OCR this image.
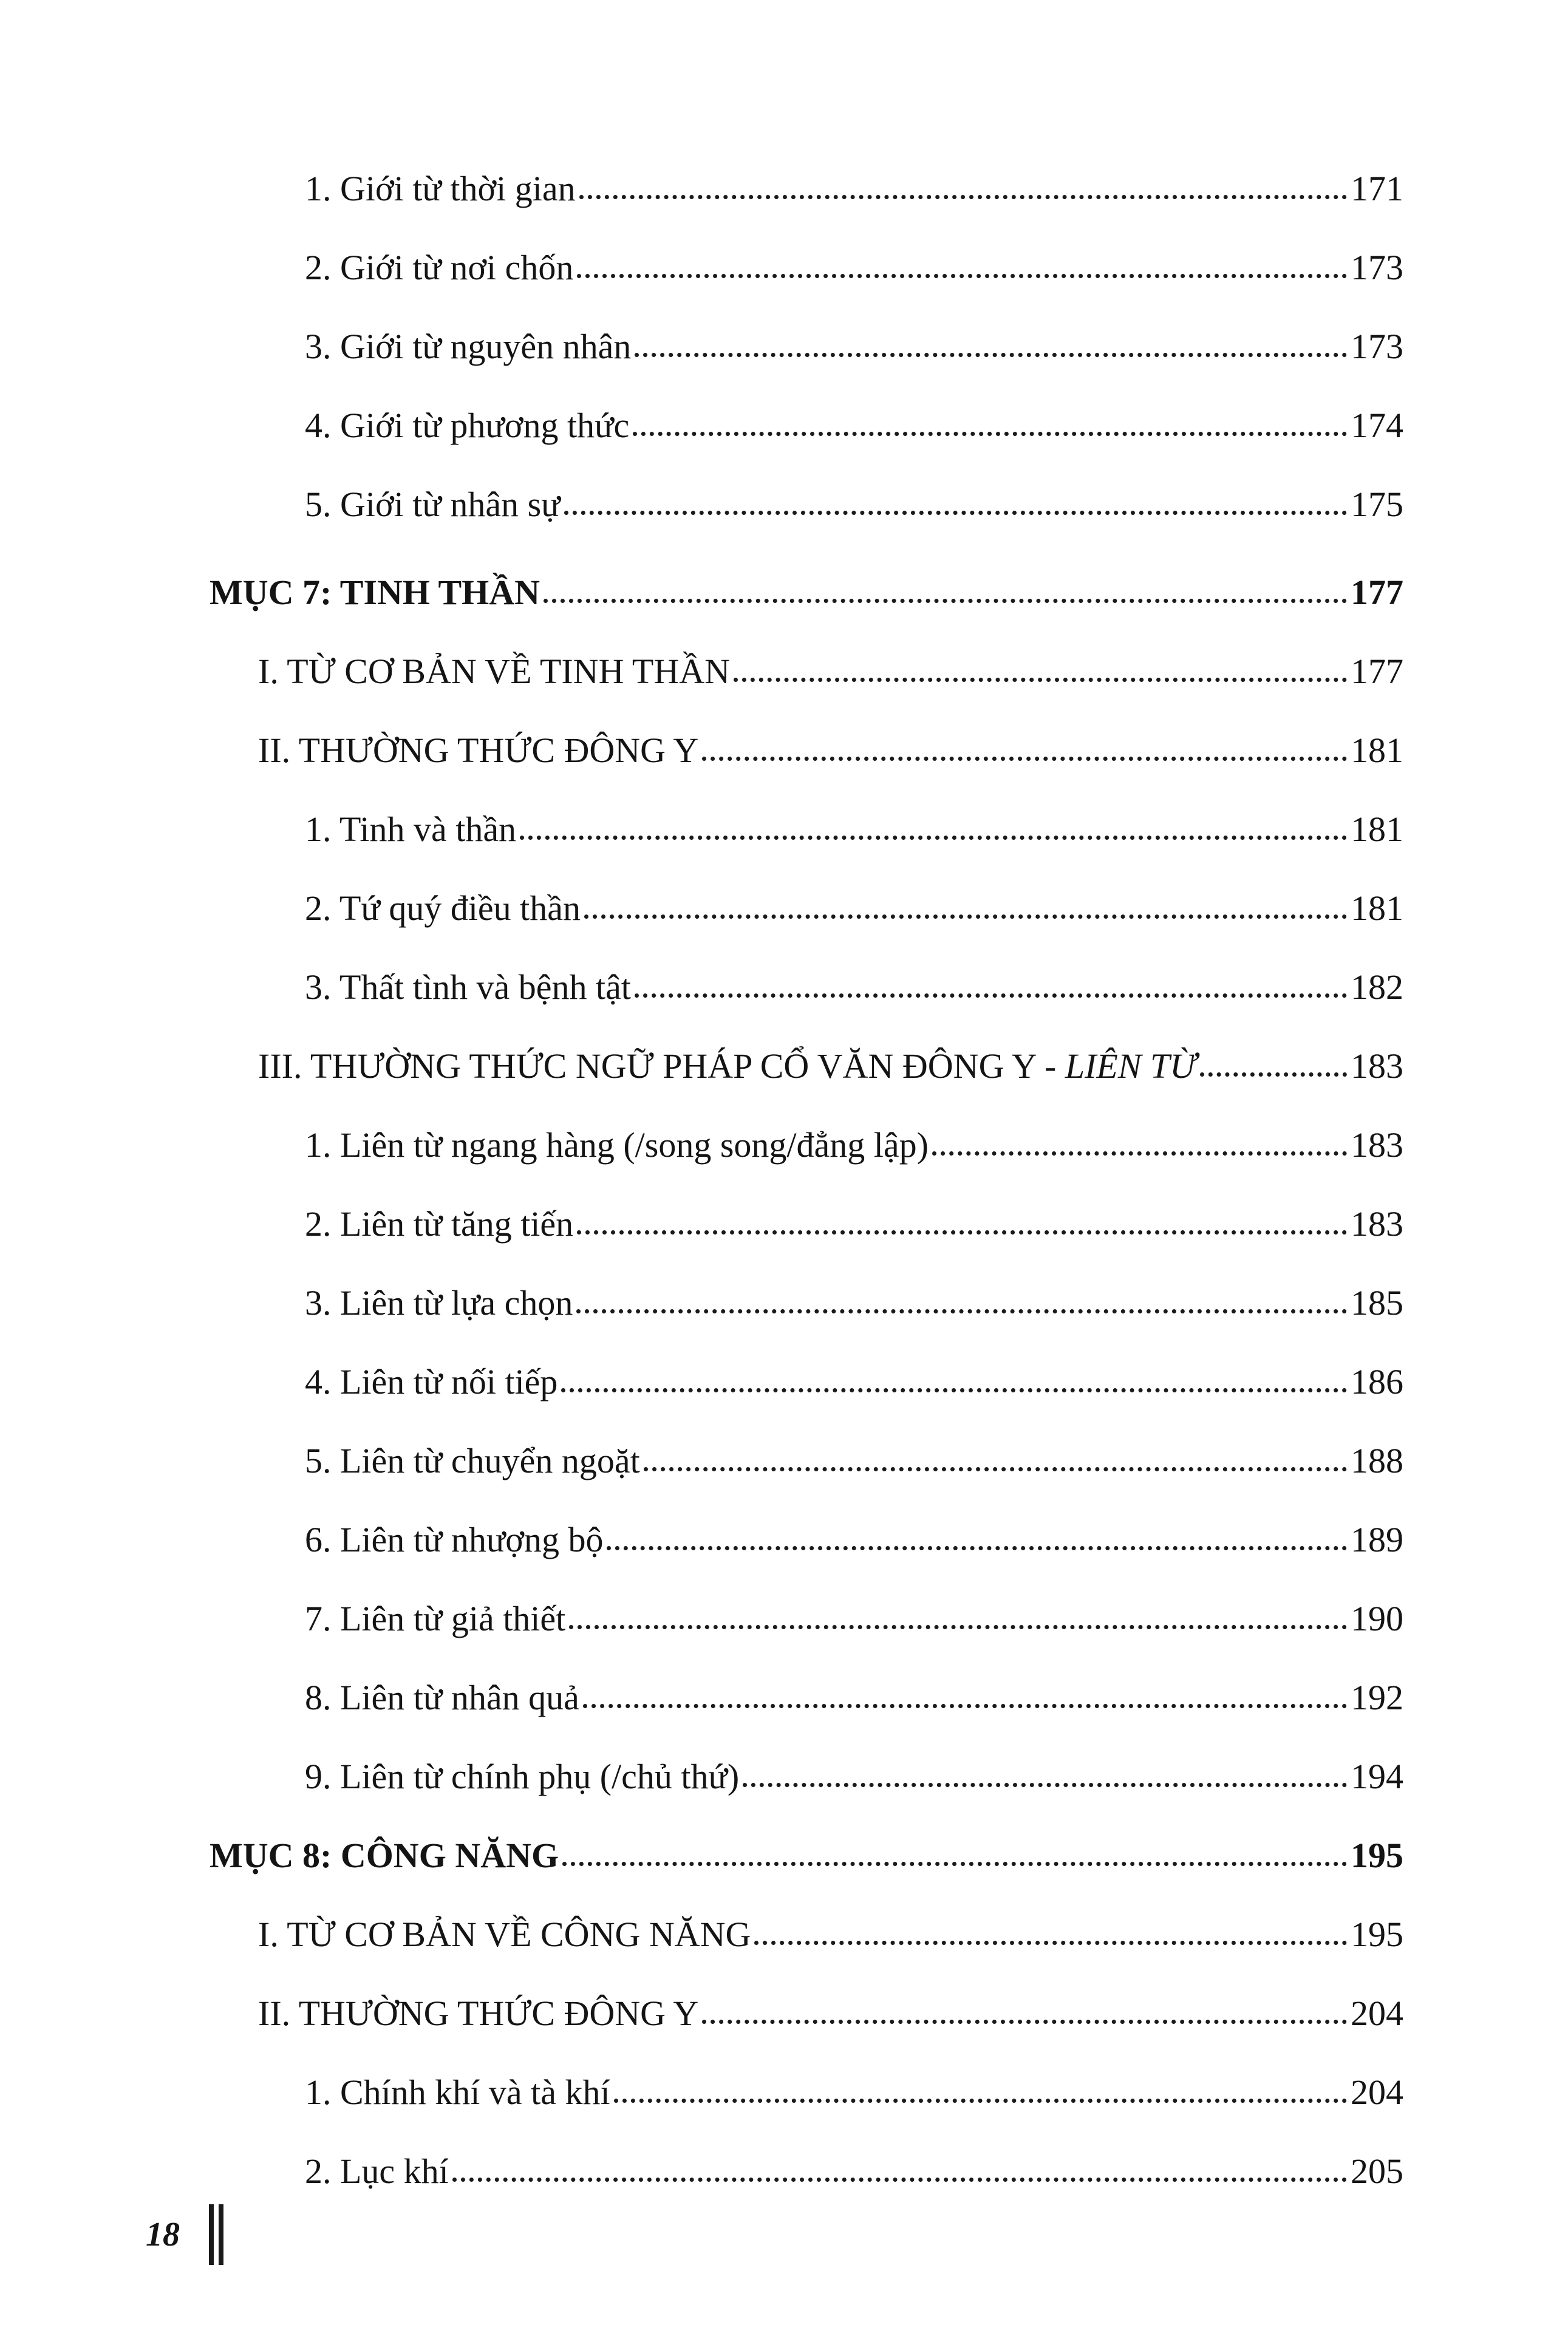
1. Giới từ thời gian	171
2. Giới từ nơi chốn	173
3. Giới từ nguyên nhân	173
4. Giới từ phương thức	174
5. Giới từ nhân sự	175
MỤC 7: TINH THẦN	177
I. TỪ CƠ BẢN VỀ TINH THẦN	177
II. THƯỜNG THỨC ĐÔNG Y	181
1. Tinh và thần	181
2. Tứ quý điều thần	181
3. Thất tình và bệnh tật	182
III. THƯỜNG THỨC NGỮ PHÁP CỔ VĂN ĐÔNG Y - LIÊN TỪ	183
1. Liên từ ngang hàng (/song song/đẳng lập)	183
2. Liên từ tăng tiến	183
3. Liên từ lựa chọn	185
4. Liên từ nối tiếp	186
5. Liên từ chuyển ngoặt	188
6. Liên từ nhượng bộ	189
7. Liên từ giả thiết	190
8. Liên từ nhân quả	192
9. Liên từ chính phụ (/chủ thứ)	194
MỤC 8: CÔNG NĂNG	195
I. TỪ CƠ BẢN VỀ CÔNG NĂNG	195
II. THƯỜNG THỨC ĐÔNG Y	204
1. Chính khí và tà khí	204
2. Lục khí	205
18
